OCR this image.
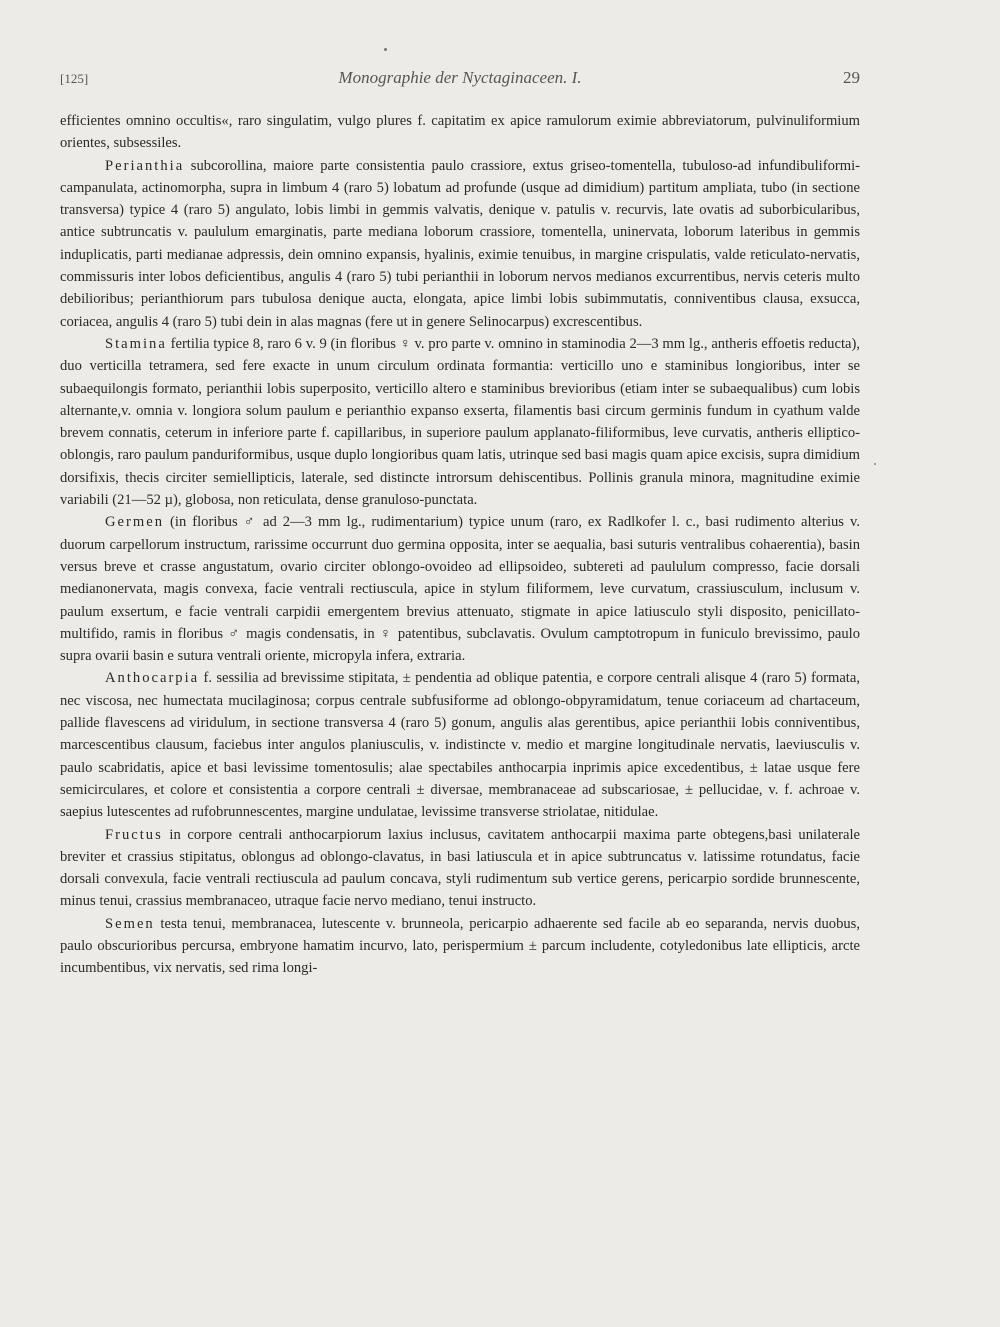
[125]	Monographie der Nyctaginaceen. I.	29

efficientes omnino occultis«, raro singulatim, vulgo plures f. capitatim ex apice ramulorum eximie abbreviatorum, pulvinuliformium orientes, subsessiles.

Perianthia subcorollina, maiore parte consistentia paulo crassiore, extus griseo-tomentella, tubuloso-ad infundibuliformi-campanulata, actinomorpha, supra in limbum 4 (raro 5) lobatum ad profunde (usque ad dimidium) partitum ampliata, tubo (in sectione transversa) typice 4 (raro 5) angulato, lobis limbi in gemmis valvatis, denique v. patulis v. recurvis, late ovatis ad suborbicularibus, antice subtruncatis v. paululum emarginatis, parte mediana loborum crassiore, tomentella, uninervata, loborum lateribus in gemmis induplicatis, parti medianae adpressis, dein omnino expansis, hyalinis, eximie tenuibus, in margine crispulatis, valde reticulato-nervatis, commissuris inter lobos deficientibus, angulis 4 (raro 5) tubi perianthii in loborum nervos medianos excurrentibus, nervis ceteris multo debilioribus; perianthiorum pars tubulosa denique aucta, elongata, apice limbi lobis subimmutatis, conniventibus clausa, exsucca, coriacea, angulis 4 (raro 5) tubi dein in alas magnas (fere ut in genere Selinocarpus) excrescentibus.

Stamina fertilia typice 8, raro 6 v. 9 (in floribus ♀ v. pro parte v. omnino in staminodia 2—3 mm lg., antheris effoetis reducta), duo verticilla tetramera, sed fere exacte in unum circulum ordinata formantia: verticillo uno e staminibus longioribus, inter se subaequilongis formato, perianthii lobis superposito, verticillo altero e staminibus brevioribus (etiam inter se subaequalibus) cum lobis alternante,v. omnia v. longiora solum paulum e perianthio expanso exserta, filamentis basi circum germinis fundum in cyathum valde brevem connatis, ceterum in inferiore parte f. capillaribus, in superiore paulum applanato-filiformibus, leve curvatis, antheris elliptico-oblongis, raro paulum panduriformibus, usque duplo longioribus quam latis, utrinque sed basi magis quam apice excisis, supra dimidium dorsifixis, thecis circiter semiellipticis, laterale, sed distincte introrsum dehiscentibus. Pollinis granula minora, magnitudine eximie variabili (21—52 µ), globosa, non reticulata, dense granuloso-punctata.

Germen (in floribus ♂ ad 2—3 mm lg., rudimentarium) typice unum (raro, ex Radlkofer l. c., basi rudimento alterius v. duorum carpellorum instructum, rarissime occurrunt duo germina opposita, inter se aequalia, basi suturis ventralibus cohaerentia), basin versus breve et crasse angustatum, ovario circiter oblongo-ovoideo ad ellipsoideo, subtereti ad paululum compresso, facie dorsali medianonervata, magis convexa, facie ventrali rectiuscula, apice in stylum filiformem, leve curvatum, crassiusculum, inclusum v. paulum exsertum, e facie ventrali carpidii emergentem brevius attenuato, stigmate in apice latiusculo styli disposito, penicillato-multifido, ramis in floribus ♂ magis condensatis, in ♀ patentibus, subclavatis. Ovulum camptotropum in funiculo brevissimo, paulo supra ovarii basin e sutura ventrali oriente, micropyla infera, extraria.

Anthocarpia f. sessilia ad brevissime stipitata, ± pendentia ad oblique patentia, e corpore centrali alisque 4 (raro 5) formata, nec viscosa, nec humectata mucilaginosa; corpus centrale subfusiforme ad oblongo-obpyramidatum, tenue coriaceum ad chartaceum, pallide flavescens ad viridulum, in sectione transversa 4 (raro 5) gonum, angulis alas gerentibus, apice perianthii lobis conniventibus, marcescentibus clausum, faciebus inter angulos planiusculis, v. indistincte v. medio et margine longitudinale nervatis, laeviusculis v. paulo scabridatis, apice et basi levissime tomentosulis; alae spectabiles anthocarpia inprimis apice excedentibus, ± latae usque fere semicirculares, et colore et consistentia a corpore centrali ± diversae, membranaceae ad subscariosae, ± pellucidae, v. f. achroae v. saepius lutescentes ad rufobrunnescentes, margine undulatae, levissime transverse striolatae, nitidulae.

Fructus in corpore centrali anthocarpiorum laxius inclusus, cavitatem anthocarpii maxima parte obtegens,basi unilaterale breviter et crassius stipitatus, oblongus ad oblongo-clavatus, in basi latiuscula et in apice subtruncatus v. latissime rotundatus, facie dorsali convexula, facie ventrali rectiuscula ad paulum concava, styli rudimentum sub vertice gerens, pericarpio sordide brunnescente, minus tenui, crassius membranaceo, utraque facie nervo mediano, tenui instructo.

Semen testa tenui, membranacea, lutescente v. brunneola, pericarpio adhaerente sed facile ab eo separanda, nervis duobus, paulo obscurioribus percursa, embryone hamatim incurvo, lato, perispermium ± parcum includente, cotyledonibus late ellipticis, arcte incumbentibus, vix nervatis, sed rima longi-
